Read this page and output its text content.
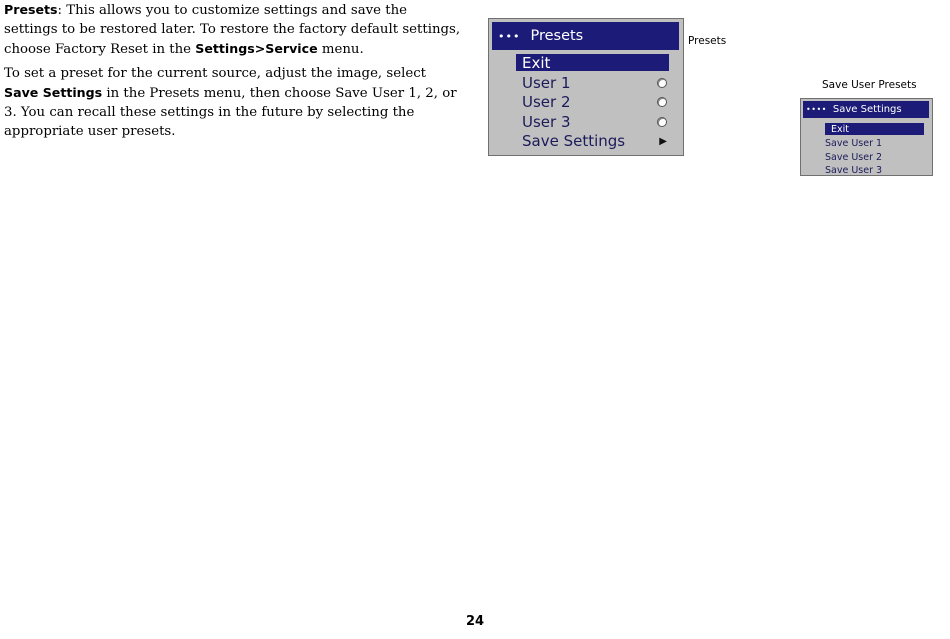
Presets: This allows you to customize settings and save the settings to be restored later. To restore the factory default settings, choose Factory Reset in the Settings>Service menu.

To set a preset for the current source, adjust the image, select Save Settings in the Presets menu, then choose Save User 1, 2, or 3. You can recall these settings in the future by selecting the appropriate user presets.

••• Presets
Exit
User 1
User 2
User 3
Save Settings	▶
Presets
Save User Presets
•••• Save Settings
Exit
Save User 1
Save User 2
Save User 3
24
